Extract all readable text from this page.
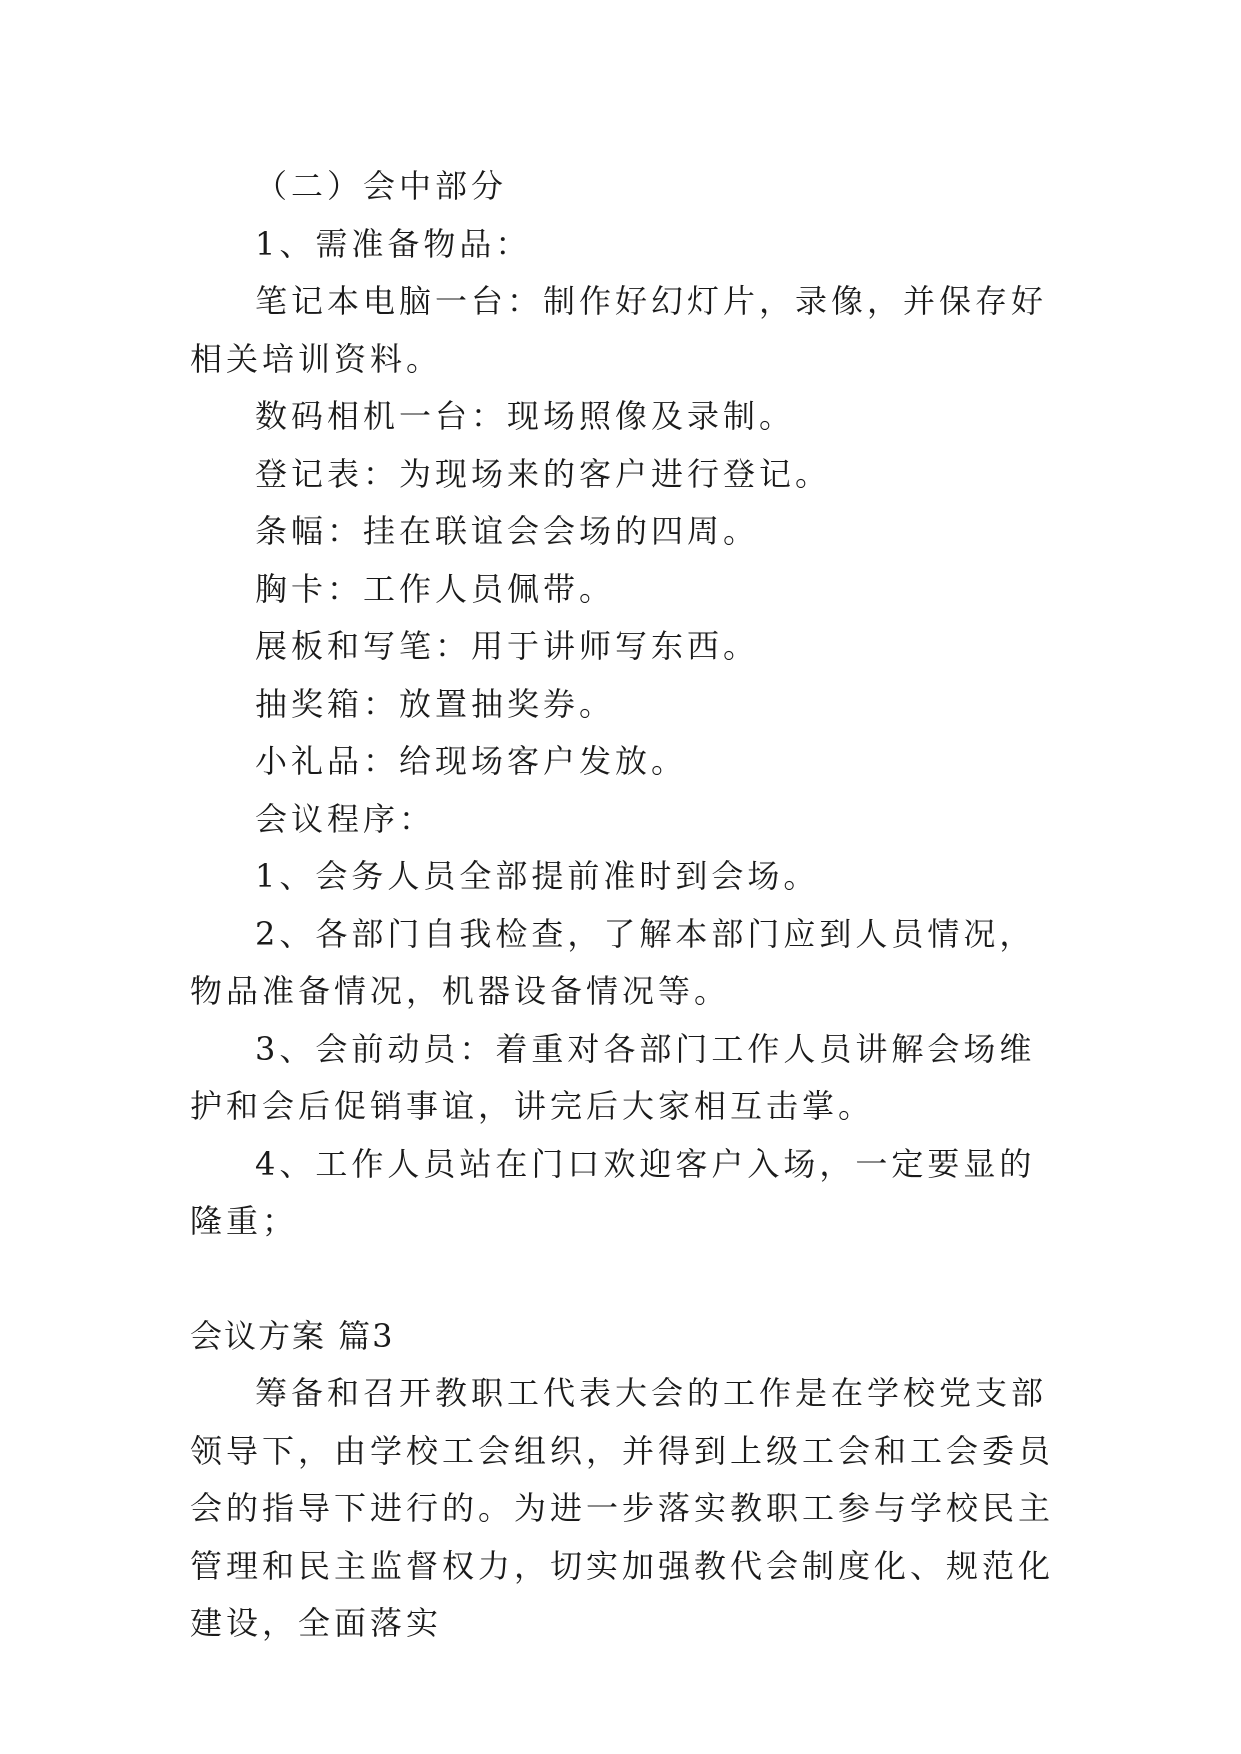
（二）会中部分

1、需准备物品：

笔记本电脑一台：制作好幻灯片，录像，并保存好相关培训资料。

数码相机一台：现场照像及录制。

登记表：为现场来的客户进行登记。

条幅：挂在联谊会会场的四周。

胸卡：工作人员佩带。

展板和写笔：用于讲师写东西。

抽奖箱：放置抽奖券。

小礼品：给现场客户发放。

会议程序：

1、会务人员全部提前准时到会场。

2、各部门自我检查，了解本部门应到人员情况，物品准备情况，机器设备情况等。

3、会前动员：着重对各部门工作人员讲解会场维护和会后促销事谊，讲完后大家相互击掌。

4、工作人员站在门口欢迎客户入场，一定要显的隆重；

会议方案 篇3

筹备和召开教职工代表大会的工作是在学校党支部领导下，由学校工会组织，并得到上级工会和工会委员会的指导下进行的。为进一步落实教职工参与学校民主管理和民主监督权力，切实加强教代会制度化、规范化建设，全面落实
